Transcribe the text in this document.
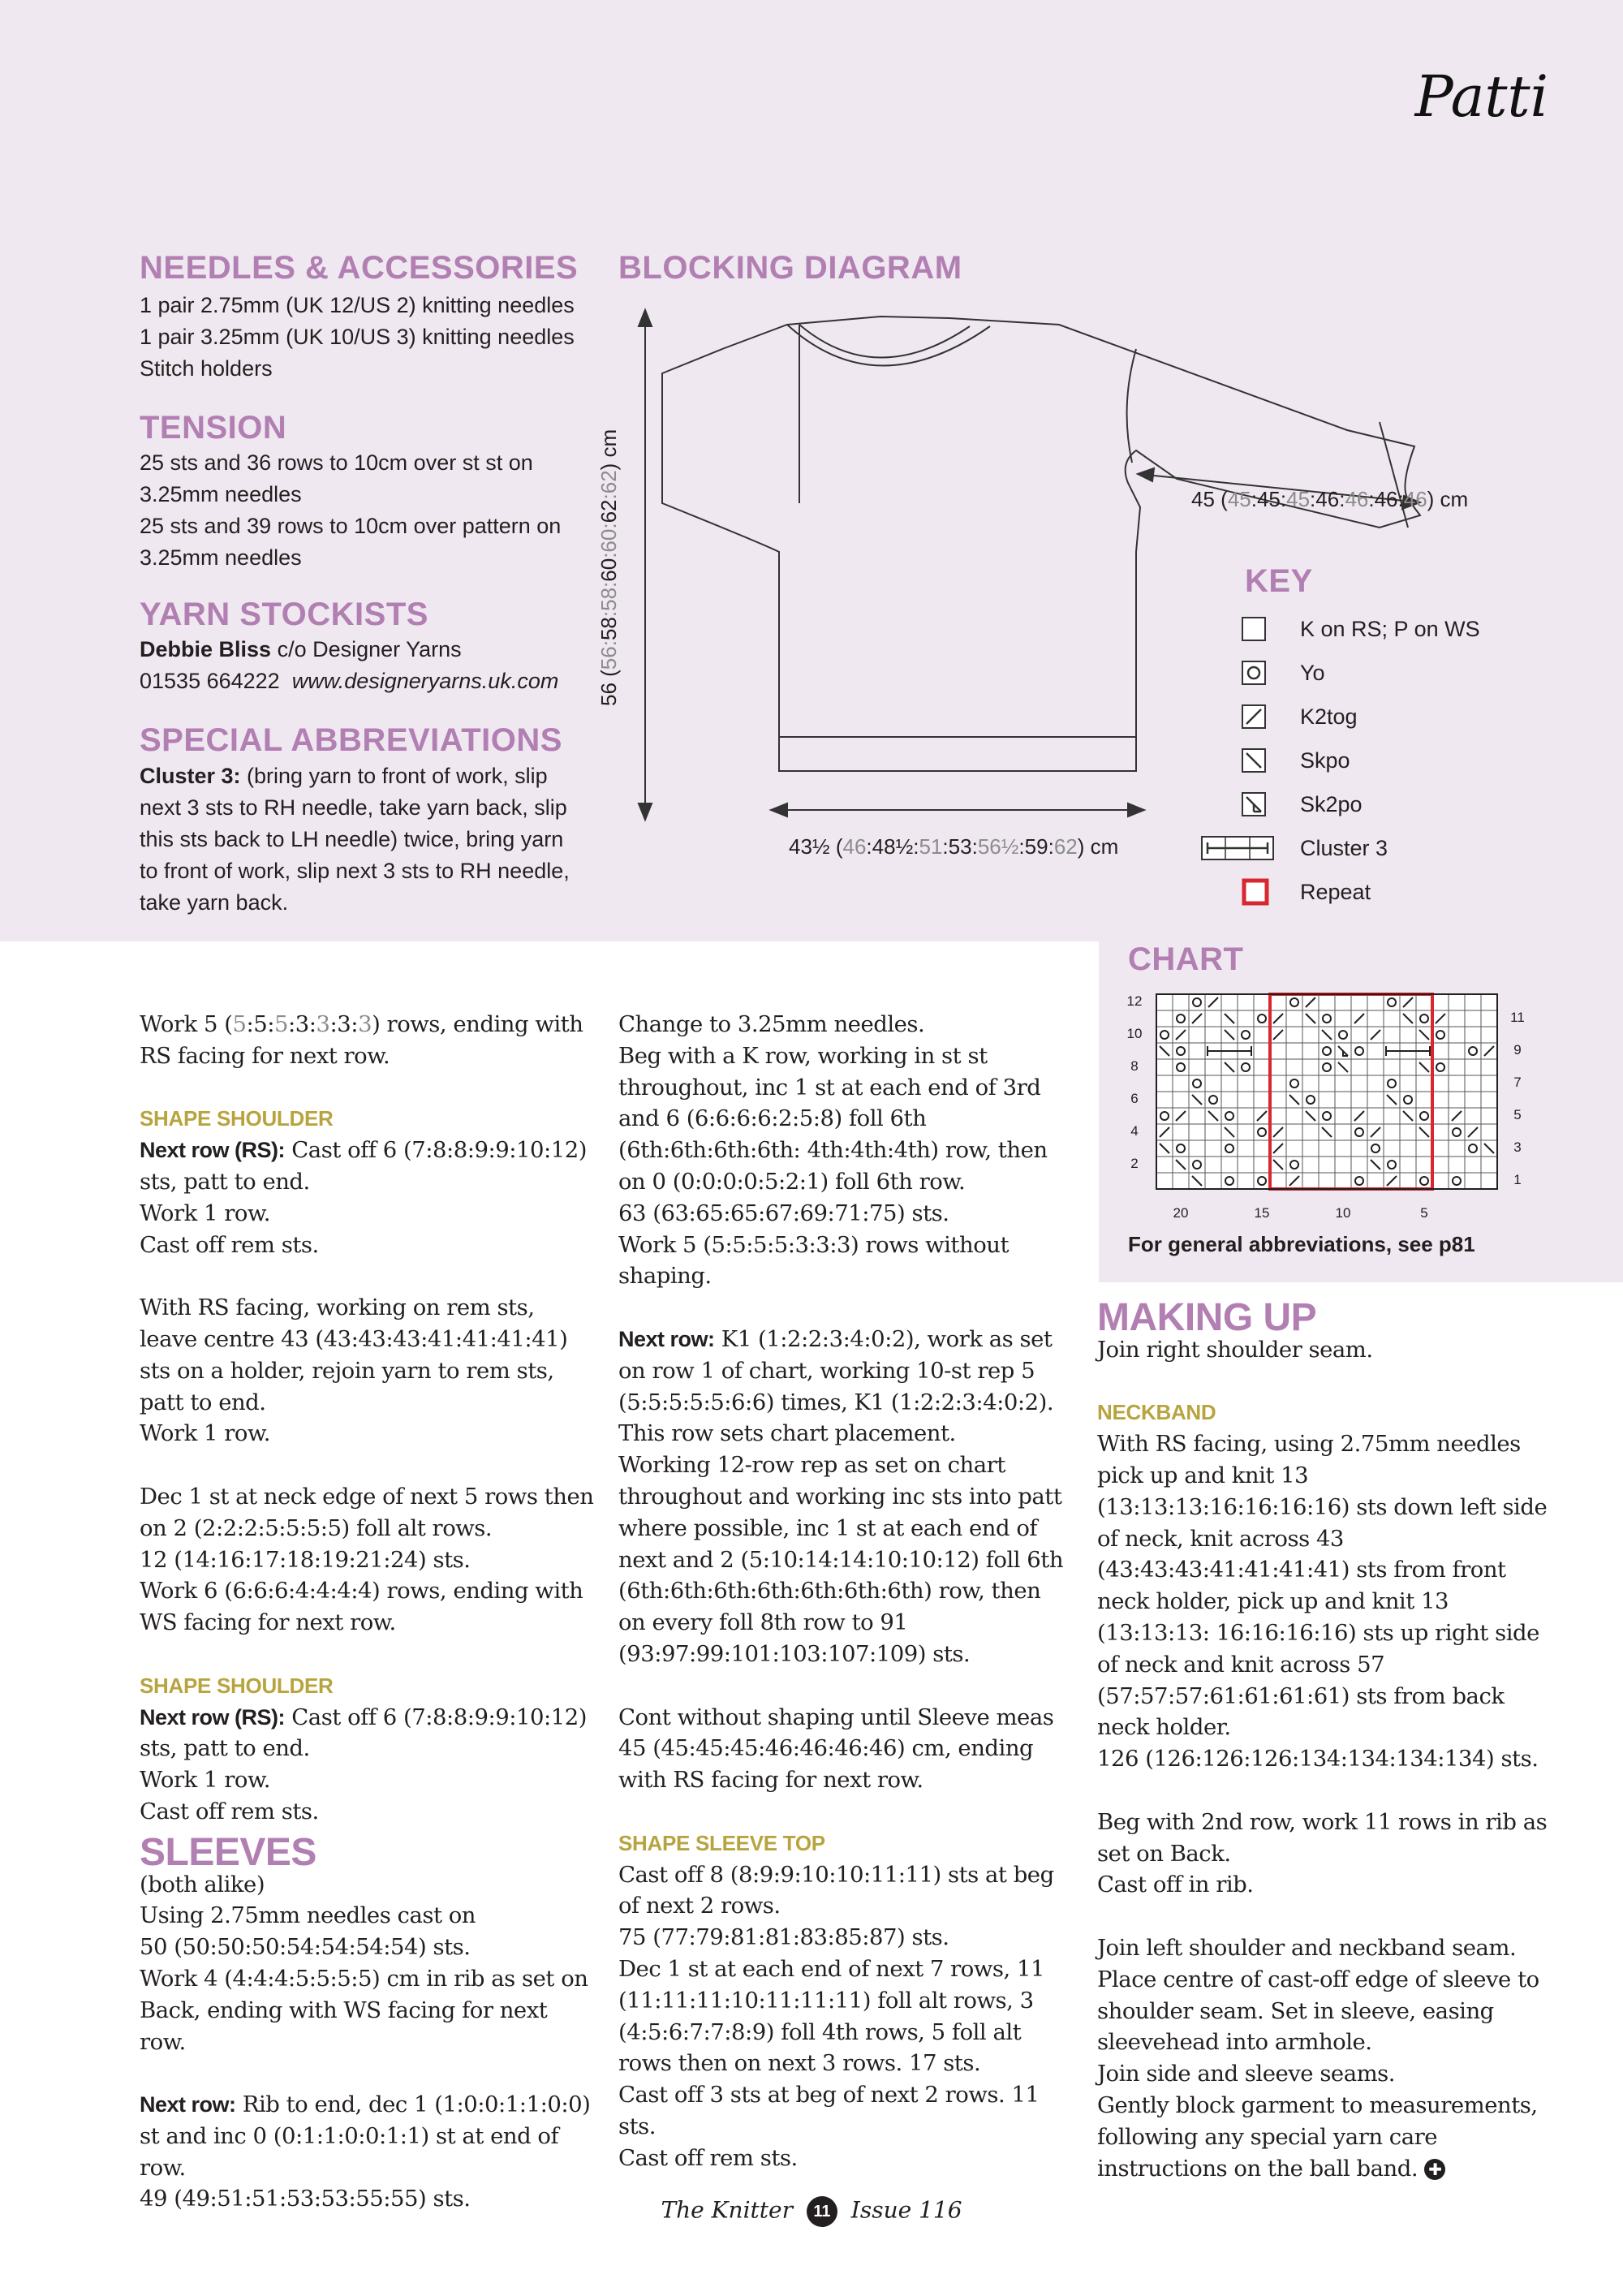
Patti
NEEDLES & ACCESSORIES
1 pair 2.75mm (UK 12/US 2) knitting needles
1 pair 3.25mm (UK 10/US 3) knitting needles
Stitch holders
TENSION
25 sts and 36 rows to 10cm over st st on
3.25mm needles
25 sts and 39 rows to 10cm over pattern on
3.25mm needles
YARN STOCKISTS
Debbie Bliss c/o Designer Yarns
01535 664222 www.designeryarns.uk.com
SPECIAL ABBREVIATIONS
Cluster 3: (bring yarn to front of work, slip
next 3 sts to RH needle, take yarn back, slip
this sts back to LH needle) twice, bring yarn
to front of work, slip next 3 sts to RH needle,
take yarn back.
BLOCKING DIAGRAM
56 (56:58:58:60:60:62:62) cm
45 (45:45:45:46:46:46:46) cm
43½ (46:48½:51:53:56½:59:62) cm
KEY
K on RS; P on WS
Yo
K2tog
Skpo
Sk2po
Cluster 3
Repeat
CHART
12
10
8
6
4
2
11
9
7
5
3
1
20	15	10	5
For general abbreviations, see p81

Work 5 (5:5:5:3:3:3:3) rows, ending with RS facing for next row.

SHAPE SHOULDER

Next row (RS): Cast off 6 (7:8:8:9:9:10:12) sts, patt to end.

Work 1 row.

Cast off rem sts.

With RS facing, working on rem sts, leave centre 43 (43:43:43:41:41:41:41) sts on a holder, rejoin yarn to rem sts, patt to end.

Work 1 row.

Dec 1 st at neck edge of next 5 rows then on 2 (2:2:2:5:5:5:5) foll alt rows.

12 (14:16:17:18:19:21:24) sts.

Work 6 (6:6:6:4:4:4:4) rows, ending with WS facing for next row.

SHAPE SHOULDER

Next row (RS): Cast off 6 (7:8:8:9:9:10:12) sts, patt to end.

Work 1 row.

Cast off rem sts.

SLEEVES

(both alike)

Using 2.75mm needles cast on

50 (50:50:50:54:54:54:54) sts.

Work 4 (4:4:4:5:5:5:5) cm in rib as set on Back, ending with WS facing for next row.

Next row: Rib to end, dec 1 (1:0:0:1:1:0:0) st and inc 0 (0:1:1:0:0:1:1) st at end of row.

49 (49:51:51:53:53:55:55) sts.

Change to 3.25mm needles.

Beg with a K row, working in st st throughout, inc 1 st at each end of 3rd and 6 (6:6:6:6:2:5:8) foll 6th (6th:6th:6th:6th: 4th:4th:4th) row, then on 0 (0:0:0:0:5:2:1) foll 6th row.

63 (63:65:65:67:69:71:75) sts.

Work 5 (5:5:5:5:3:3:3) rows without shaping.

Next row: K1 (1:2:2:3:4:0:2), work as set on row 1 of chart, working 10-st rep 5 (5:5:5:5:5:6:6) times, K1 (1:2:2:3:4:0:2). This row sets chart placement.

Working 12-row rep as set on chart throughout and working inc sts into patt where possible, inc 1 st at each end of next and 2 (5:10:14:14:10:10:12) foll 6th (6th:6th:6th:6th:6th:6th:6th) row, then on every foll 8th row to 91 (93:97:99:101:103:107:109) sts.

Cont without shaping until Sleeve meas 45 (45:45:45:46:46:46:46) cm, ending with RS facing for next row.

SHAPE SLEEVE TOP

Cast off 8 (8:9:9:10:10:11:11) sts at beg of next 2 rows.

75 (77:79:81:81:83:85:87) sts.

Dec 1 st at each end of next 7 rows, 11 (11:11:11:10:11:11:11) foll alt rows, 3 (4:5:6:7:7:8:9) foll 4th rows, 5 foll alt rows then on next 3 rows. 17 sts.

Cast off 3 sts at beg of next 2 rows. 11 sts.

Cast off rem sts.

MAKING UP

Join right shoulder seam.

NECKBAND

With RS facing, using 2.75mm needles pick up and knit 13 (13:13:13:16:16:16:16) sts down left side of neck, knit across 43 (43:43:43:41:41:41:41) sts from front neck holder, pick up and knit 13 (13:13:13: 16:16:16:16) sts up right side of neck and knit across 57 (57:57:57:61:61:61:61) sts from back neck holder.

126 (126:126:126:134:134:134:134) sts.

Beg with 2nd row, work 11 rows in rib as set on Back.

Cast off in rib.

Join left shoulder and neckband seam. Place centre of cast-off edge of sleeve to shoulder seam. Set in sleeve, easing sleevehead into armhole.

Join side and sleeve seams.

Gently block garment to measurements, following any special yarn care instructions on the ball band. ✚

The Knitter 11 Issue 116
